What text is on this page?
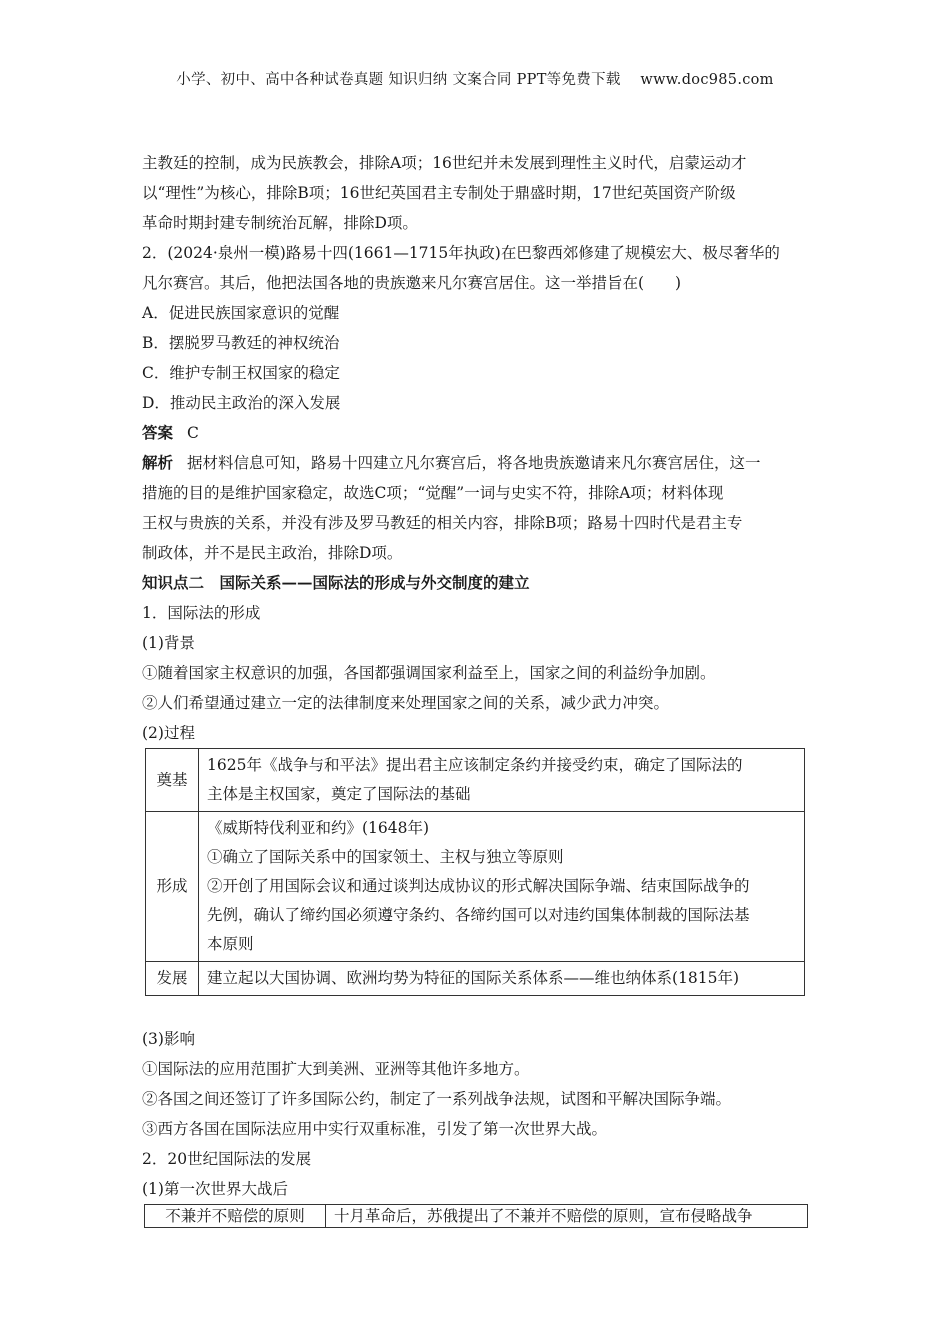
小学、初中、高中各种试卷真题 知识归纳 文案合同 PPT等免费下载　 www.doc985.com
主教廷的控制，成为民族教会，排除A项；16世纪并未发展到理性主义时代，启蒙运动才
以“理性”为核心，排除B项；16世纪英国君主专制处于鼎盛时期，17世纪英国资产阶级
革命时期封建专制统治瓦解，排除D项。
2．(2024·泉州一模)路易十四(1661—1715年执政)在巴黎西郊修建了规模宏大、极尽奢华的
凡尔赛宫。其后，他把法国各地的贵族邀来凡尔赛宫居住。这一举措旨在(　　)
A．促进民族国家意识的觉醒
B．摆脱罗马教廷的神权统治
C．维护专制王权国家的稳定
D．推动民主政治的深入发展
答案 C
解析 据材料信息可知，路易十四建立凡尔赛宫后，将各地贵族邀请来凡尔赛宫居住，这一
措施的目的是维护国家稳定，故选C项；“觉醒”一词与史实不符，排除A项；材料体现
王权与贵族的关系，并没有涉及罗马教廷的相关内容，排除B项；路易十四时代是君主专
制政体，并不是民主政治，排除D项。
知识点二　国际关系——国际法的形成与外交制度的建立
1．国际法的形成
(1)背景
①随着国家主权意识的加强，各国都强调国家利益至上，国家之间的利益纷争加剧。
②人们希望通过建立一定的法律制度来处理国家之间的关系，减少武力冲突。
(2)过程
奠基	1625年《战争与和平法》提出君主应该制定条约并接受约束，确定了国际法的
主体是主权国家，奠定了国际法的基础

形成	《威斯特伐利亚和约》(1648年)
①确立了国际关系中的国家领土、主权与独立等原则
②开创了用国际会议和通过谈判达成协议的形式解决国际争端、结束国际战争的
先例，确认了缔约国必须遵守条约、各缔约国可以对违约国集体制裁的国际法基
本原则

发展	建立起以大国协调、欧洲均势为特征的国际关系体系——维也纳体系(1815年)
(3)影响
①国际法的应用范围扩大到美洲、亚洲等其他许多地方。
②各国之间还签订了许多国际公约，制定了一系列战争法规，试图和平解决国际争端。
③西方各国在国际法应用中实行双重标准，引发了第一次世界大战。
2．20世纪国际法的发展
(1)第一次世界大战后
不兼并不赔偿的原则	十月革命后，苏俄提出了不兼并不赔偿的原则，宣布侵略战争
